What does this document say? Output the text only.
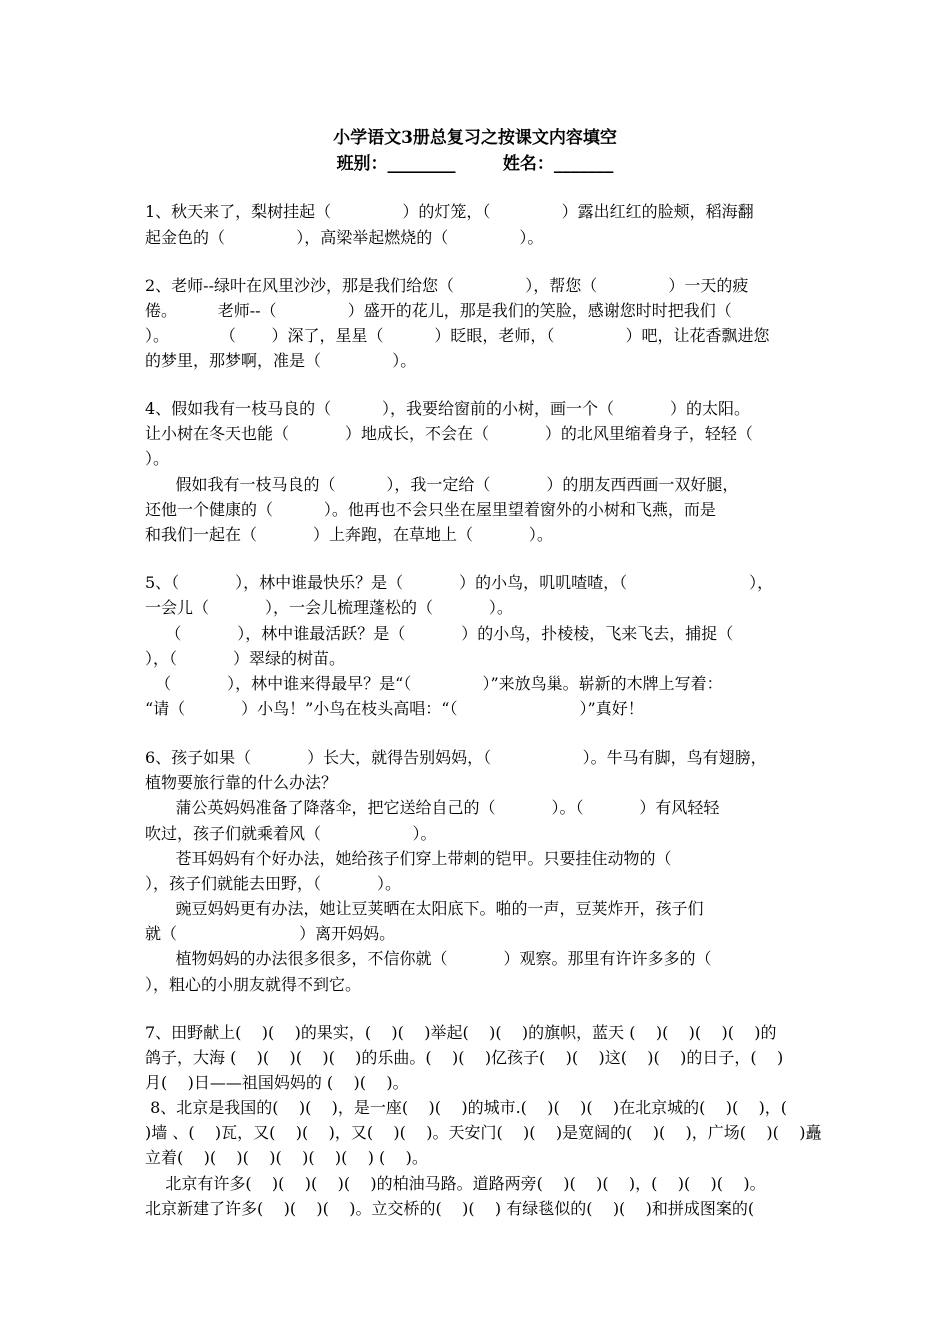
小学语文3册总复习之按课文内容填空
班别：________	姓名：_______
1、秋天来了，梨树挂起（              ）的灯笼，（              ）露出红红的脸颊，稻海翻
起金色的（              ），高梁举起燃烧的（              ）。
2、老师--绿叶在风里沙沙，那是我们给您（              ），帮您（              ）一天的疲
倦。        老师--（              ）盛开的花儿，那是我们的笑脸，感谢您时时把我们（
）。          （       ）深了，星星（          ）眨眼，老师，（              ）吧，让花香飘进您
的梦里，那梦啊，准是（              ）。
4、假如我有一枝马良的（          ），我要给窗前的小树，画一个（           ）的太阳。
让小树在冬天也能（           ）地成长，不会在（           ）的北风里缩着身子，轻轻（
）。
假如我有一枝马良的（          ），我一定给（           ）的朋友西西画一双好腿，
还他一个健康的（          ）。他再也不会只坐在屋里望着窗外的小树和飞燕，而是
和我们一起在（           ）上奔跑，在草地上（           ）。
5、（           ），林中谁最快乐？是（           ）的小鸟，叽叽喳喳，（                        ），
一会儿（           ），一会儿梳理蓬松的（           ）。
（           ），林中谁最活跃？是（           ）的小鸟，扑棱棱，飞来飞去，捕捉（
），（           ）翠绿的树苗。
（           ），林中谁来得最早？是“（              ）”来放鸟巢。崭新的木牌上写着：
“请（           ）小鸟！”小鸟在枝头高唱：“（                        ）”真好！
6、孩子如果（           ）长大，就得告别妈妈，（                  ）。牛马有脚，鸟有翅膀，
植物要旅行靠的什么办法？
蒲公英妈妈准备了降落伞，把它送给自己的（           ）。（           ）有风轻轻
吹过，孩子们就乘着风（                  ）。
苍耳妈妈有个好办法，她给孩子们穿上带刺的铠甲。只要挂住动物的（
），孩子们就能去田野，（           ）。
豌豆妈妈更有办法，她让豆荚晒在太阳底下。啪的一声，豆荚炸开，孩子们
就（                        ）离开妈妈。
植物妈妈的办法很多很多，不信你就（           ）观察。那里有许许多多的（
），粗心的小朋友就得不到它。
7、田野献上(    )(    )的果实，(    )(    )举起(    )(    )的旗帜，蓝天 (    )(    )(    )(    )的
鸽子，大海 (    )(    )(    )(    )的乐曲。(    )(    )亿孩子(    )(    )这(    )(    )的日子，(    )
月(    )日——祖国妈妈的 (    )(    )。
8、北京是我国的(    )(    )，是一座(    )(    )的城市.(    )(    )(    )在北京城的(    )(    )，(
)墙 、(    )瓦，又(    )(    )，又(    )(    )。天安门(    )(    )是宽阔的(    )(    )，广场(    )(    )矗
立着(    )(    )(    )(    )(    )(    ) (    )。
北京有许多(    )(    )(    )(    )的柏油马路。道路两旁(    )(    )(    )，(    )(    )(    )。
北京新建了许多(    )(    )(    )。立交桥的(    )(    ) 有绿毯似的(    )(    )和拼成图案的(
